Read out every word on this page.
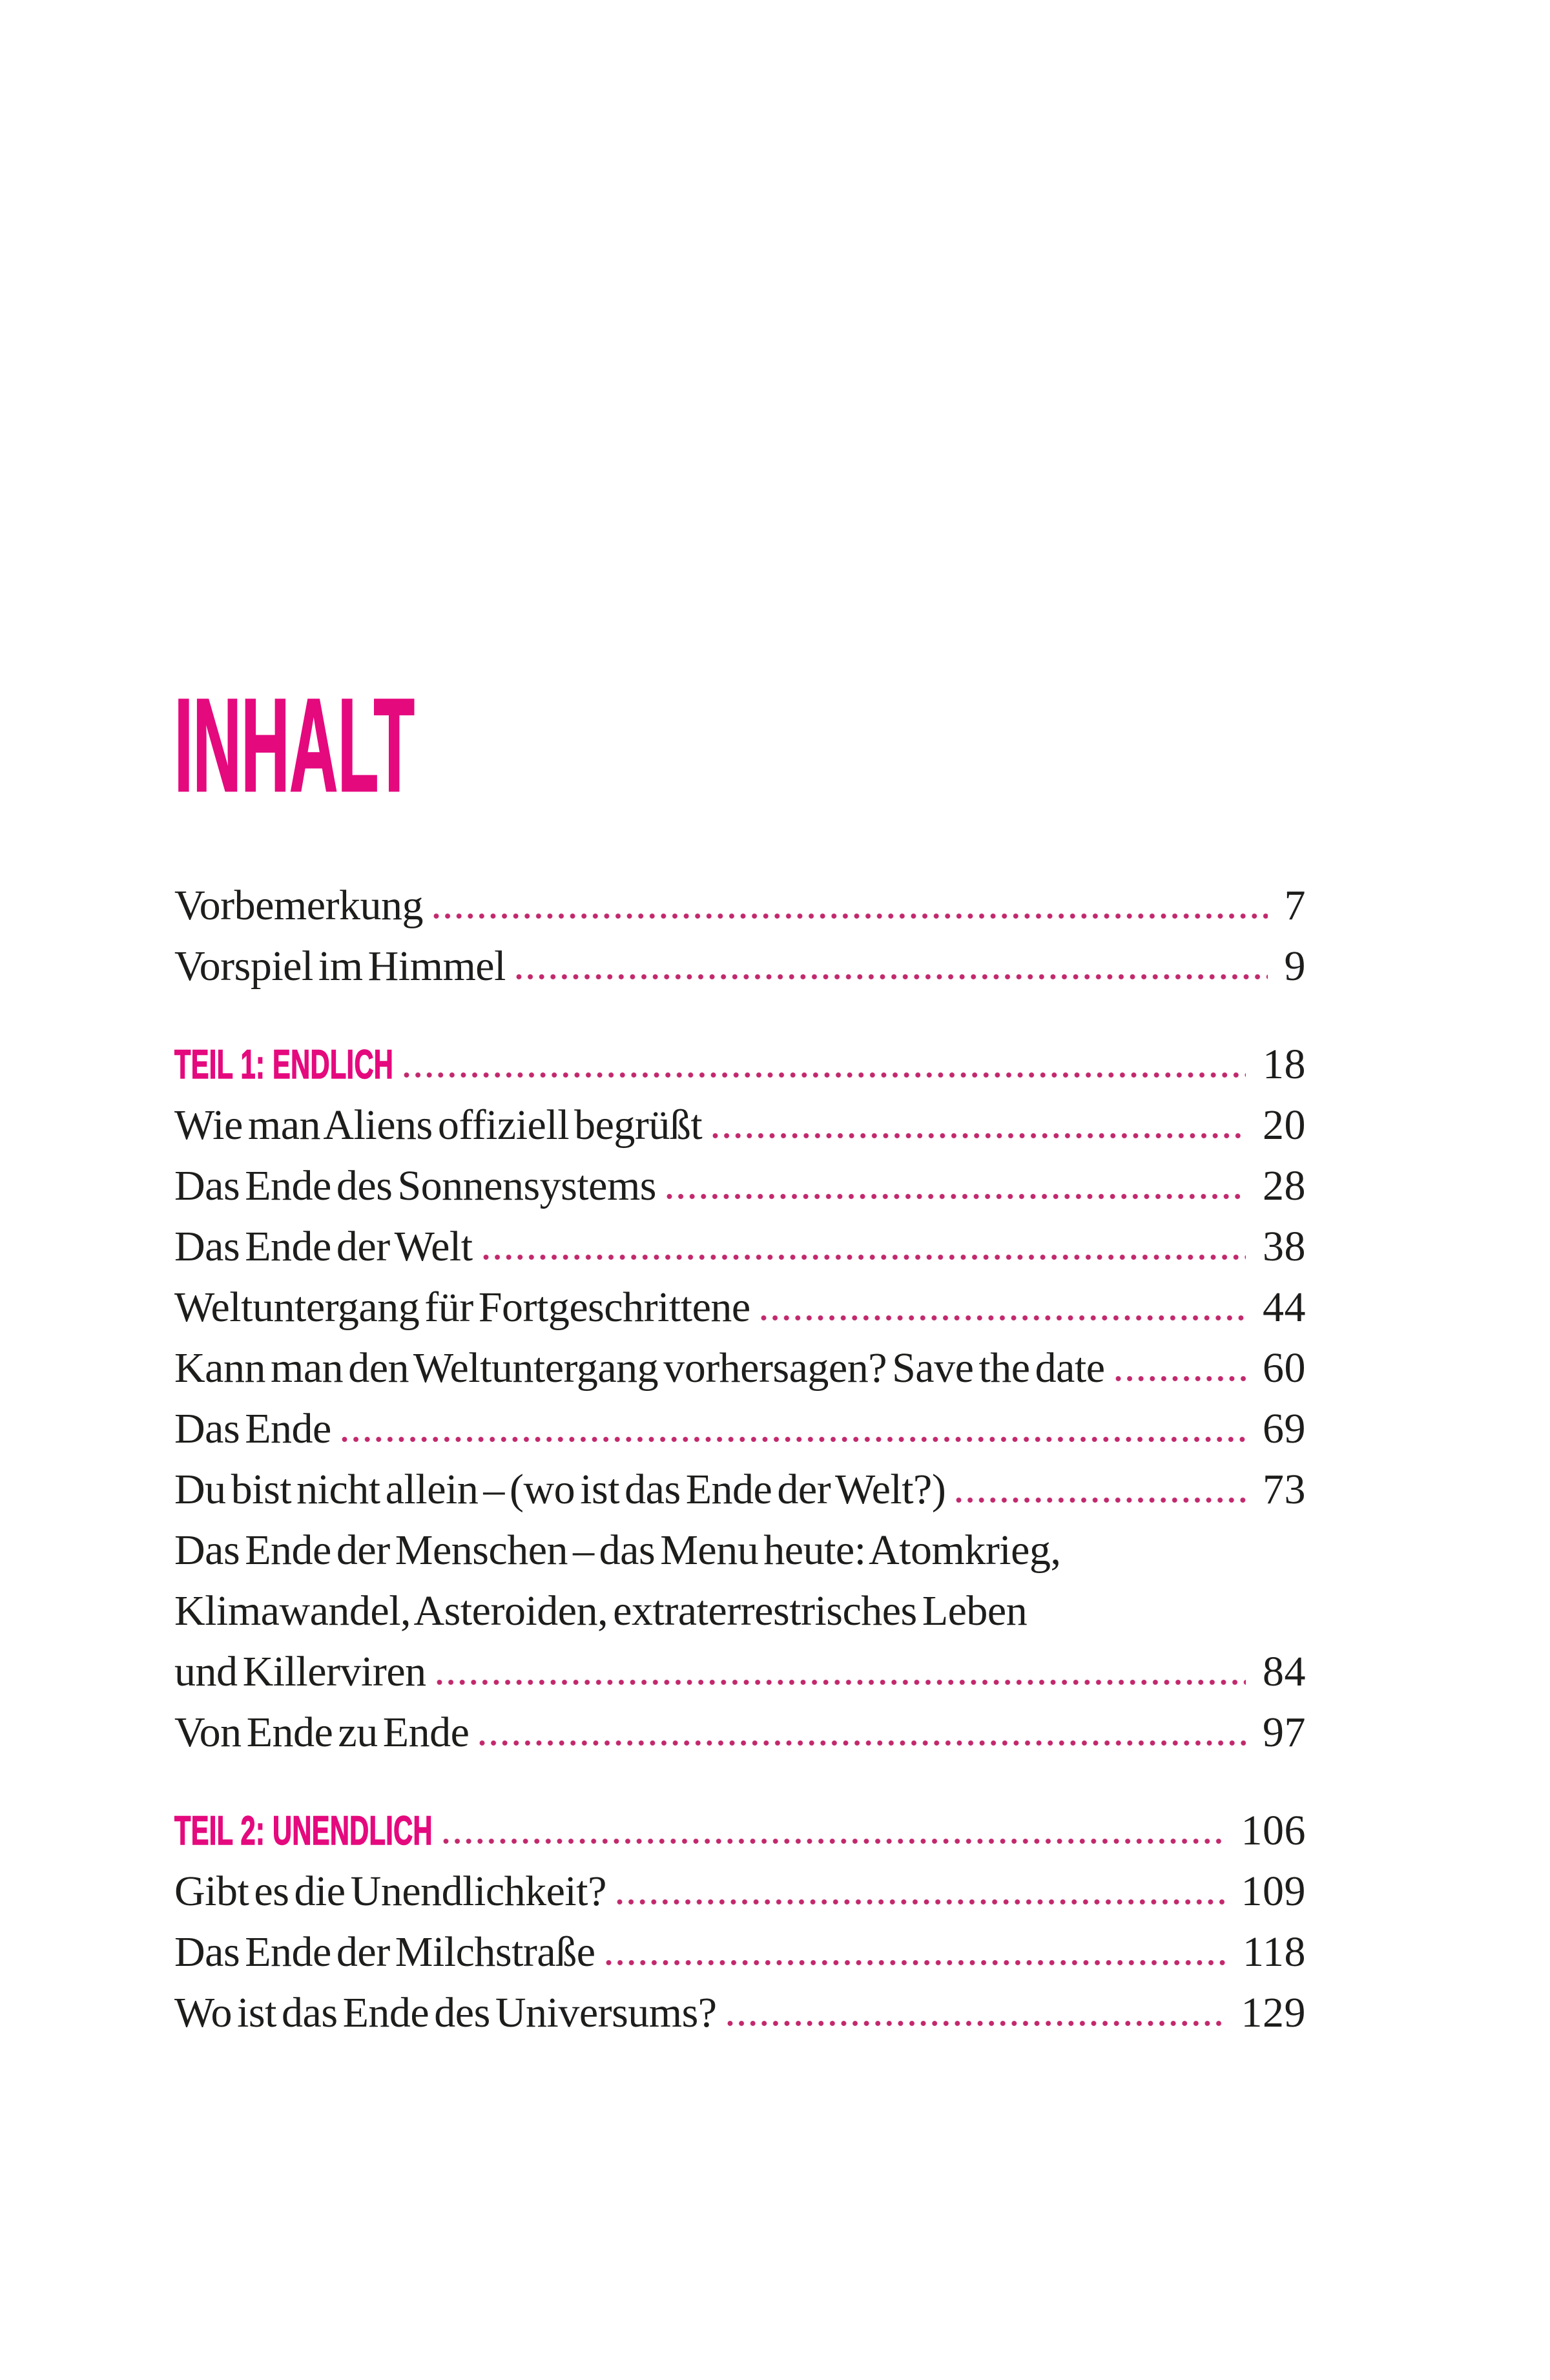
INHALT
Vorbemerkung	7
Vorspiel im Himmel	9
TEIL 1: ENDLICH	18
Wie man Aliens offiziell begrüßt	20
Das Ende des Sonnensystems	28
Das Ende der Welt	38
Weltuntergang für Fortgeschrittene	44
Kann man den Weltuntergang vorhersagen? Save the date	60
Das Ende	69
Du bist nicht allein – (wo ist das Ende der Welt?)	73
Das Ende der Menschen – das Menu heute: Atomkrieg,
Klimawandel, Asteroiden, extraterrestrisches Leben
und Killerviren	84
Von Ende zu Ende	97
TEIL 2: UNENDLICH	106
Gibt es die Unendlichkeit?	109
Das Ende der Milchstraße	118
Wo ist das Ende des Universums?	129
